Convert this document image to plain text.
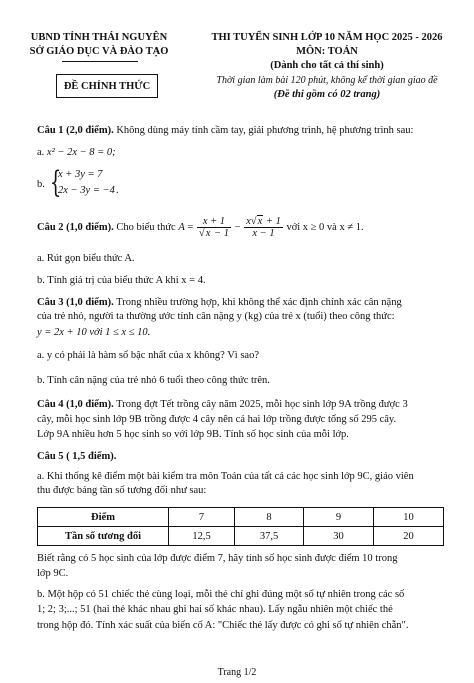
UBND TỈNH THÁI NGUYÊN
SỞ GIÁO DỤC VÀ ĐÀO TẠO
ĐỀ CHÍNH THỨC
THI TUYỂN SINH LỚP 10 NĂM HỌC 2025 - 2026
MÔN: TOÁN
(Dành cho tất cả thí sinh)
Thời gian làm bài 120 phút, không kể thời gian giao đề
(Đề thi gồm có 02 trang)
Câu 1 (2,0 điểm). Không dùng máy tính cầm tay, giải phương trình, hệ phương trình sau:
a. x² − 2x − 8 = 0;
b. {
x + 3y = 7
2x − 3y = −4 .
Câu 2 (1,0 điểm). Cho biểu thức $A = \frac{x + 1}{√x - 1} - \frac{x√x + 1}{x - 1}$ với x ≥ 0 và x ≠ 1.
a. Rút gọn biểu thức A.
b. Tính giá trị của biểu thức A khi x = 4.
Câu 3 (1,0 điểm). Trong nhiều trường hợp, khi không thể xác định chính xác cân nặng
của trẻ nhỏ, người ta thường ước tính cân nặng y (kg) của trẻ x (tuổi) theo công thức:
y = 2x + 10 với 1 ≤ x ≤ 10.
a. y có phải là hàm số bậc nhất của x không? Vì sao?
b. Tính cân nặng của trẻ nhỏ 6 tuổi theo công thức trên.
Câu 4 (1,0 điểm). Trong đợt Tết trồng cây năm 2025, mỗi học sinh lớp 9A trồng được 3
cây, mỗi học sinh lớp 9B trồng được 4 cây nên cả hai lớp trồng được tổng số 295 cây.
Lớp 9A nhiều hơn 5 học sinh so với lớp 9B. Tính số học sinh của mỗi lớp.
Câu 5 ( 1,5 điểm).
a. Khi thống kê điểm một bài kiểm tra môn Toán của tất cả các học sinh lớp 9C, giáo viên
thu được bảng tần số tương đối như sau:
Điểm	7	8	9	10
Tần số tương đối	12,5	37,5	30	20
Biết rằng có 5 học sinh của lớp được điểm 7, hãy tính số học sinh được điểm 10 trong
lớp 9C.
b. Một hộp có 51 chiếc thẻ cùng loại, mỗi thẻ chỉ ghi đúng một số tự nhiên trong các số
1; 2; 3;...; 51 (hai thẻ khác nhau ghi hai số khác nhau). Lấy ngẫu nhiên một chiếc thẻ
trong hộp đó. Tính xác suất của biến cố A: "Chiếc thẻ lấy được có ghi số tự nhiên chẵn".
Trang 1/2
